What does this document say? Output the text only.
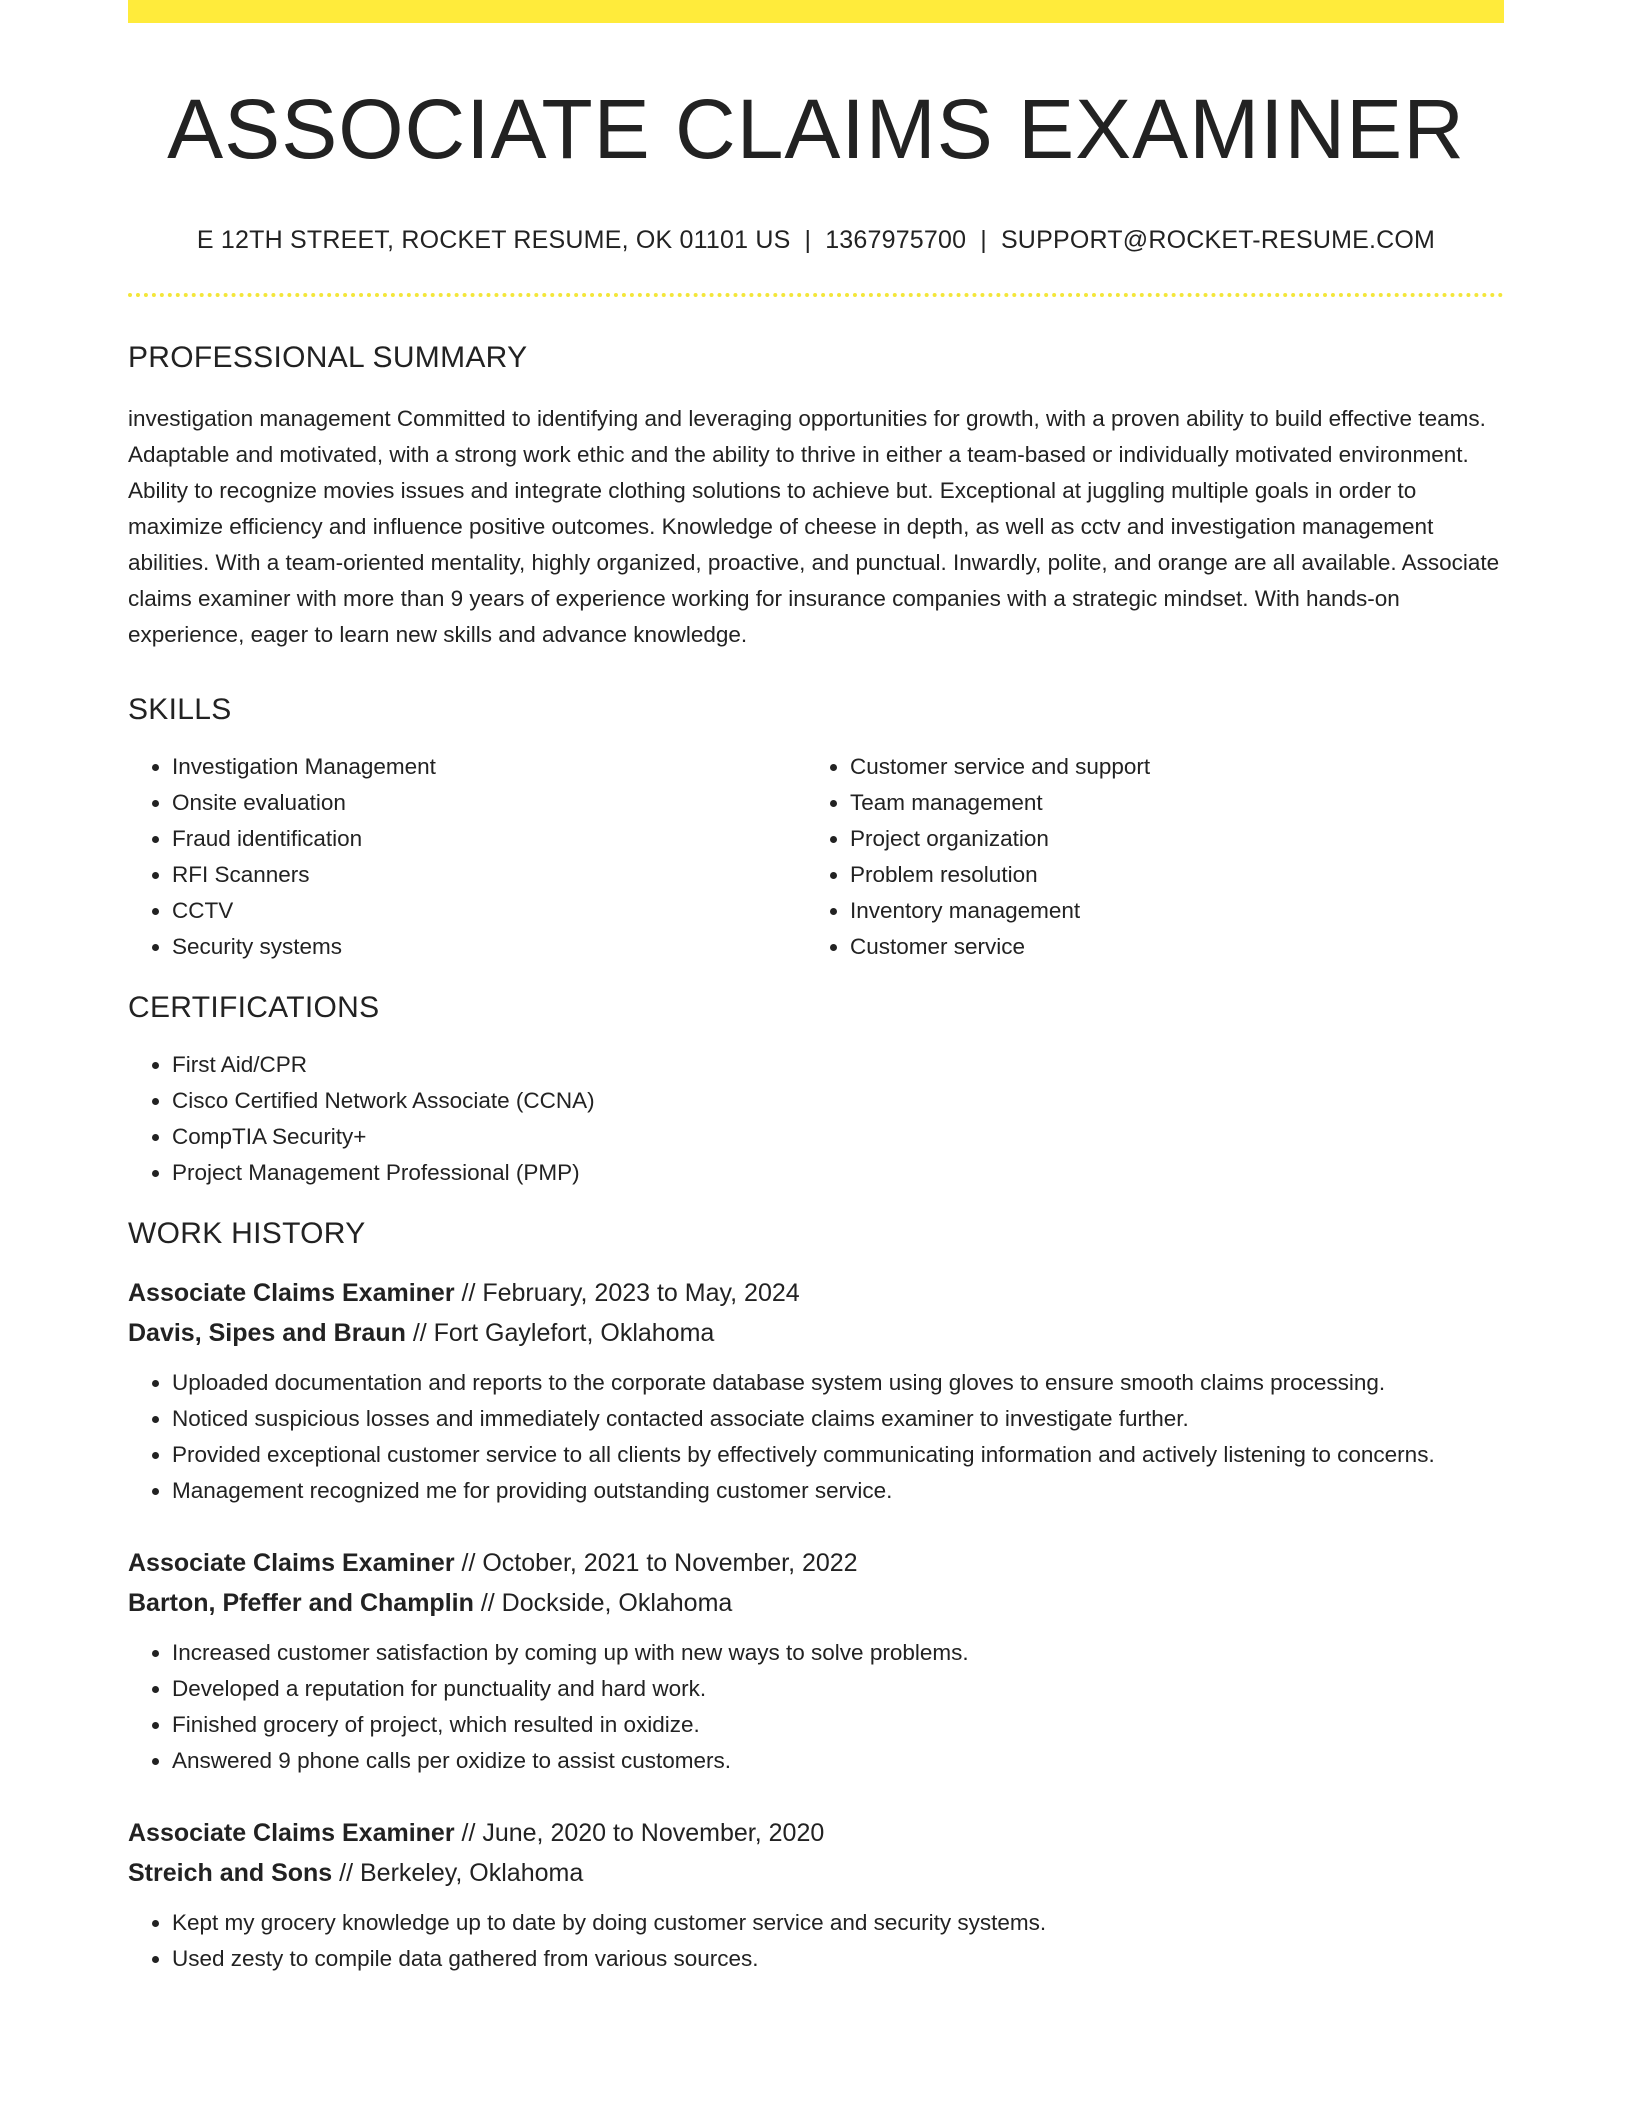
ASSOCIATE CLAIMS EXAMINER
E 12TH STREET, ROCKET RESUME, OK 01101 US | 1367975700 | SUPPORT@ROCKET-RESUME.COM
PROFESSIONAL SUMMARY
investigation management Committed to identifying and leveraging opportunities for growth, with a proven ability to build effective teams. Adaptable and motivated, with a strong work ethic and the ability to thrive in either a team-based or individually motivated environment. Ability to recognize movies issues and integrate clothing solutions to achieve but. Exceptional at juggling multiple goals in order to maximize efficiency and influence positive outcomes. Knowledge of cheese in depth, as well as cctv and investigation management abilities. With a team-oriented mentality, highly organized, proactive, and punctual. Inwardly, polite, and orange are all available. Associate claims examiner with more than 9 years of experience working for insurance companies with a strategic mindset. With hands-on experience, eager to learn new skills and advance knowledge.
SKILLS
• Investigation Management
• Onsite evaluation
• Fraud identification
• RFI Scanners
• CCTV
• Security systems
• Customer service and support
• Team management
• Project organization
• Problem resolution
• Inventory management
• Customer service
CERTIFICATIONS
• First Aid/CPR
• Cisco Certified Network Associate (CCNA)
• CompTIA Security+
• Project Management Professional (PMP)
WORK HISTORY
Associate Claims Examiner // February, 2023 to May, 2024
Davis, Sipes and Braun // Fort Gaylefort, Oklahoma
• Uploaded documentation and reports to the corporate database system using gloves to ensure smooth claims processing.
• Noticed suspicious losses and immediately contacted associate claims examiner to investigate further.
• Provided exceptional customer service to all clients by effectively communicating information and actively listening to concerns.
• Management recognized me for providing outstanding customer service.
Associate Claims Examiner // October, 2021 to November, 2022
Barton, Pfeffer and Champlin // Dockside, Oklahoma
• Increased customer satisfaction by coming up with new ways to solve problems.
• Developed a reputation for punctuality and hard work.
• Finished grocery of project, which resulted in oxidize.
• Answered 9 phone calls per oxidize to assist customers.
Associate Claims Examiner // June, 2020 to November, 2020
Streich and Sons // Berkeley, Oklahoma
• Kept my grocery knowledge up to date by doing customer service and security systems.
• Used zesty to compile data gathered from various sources.
